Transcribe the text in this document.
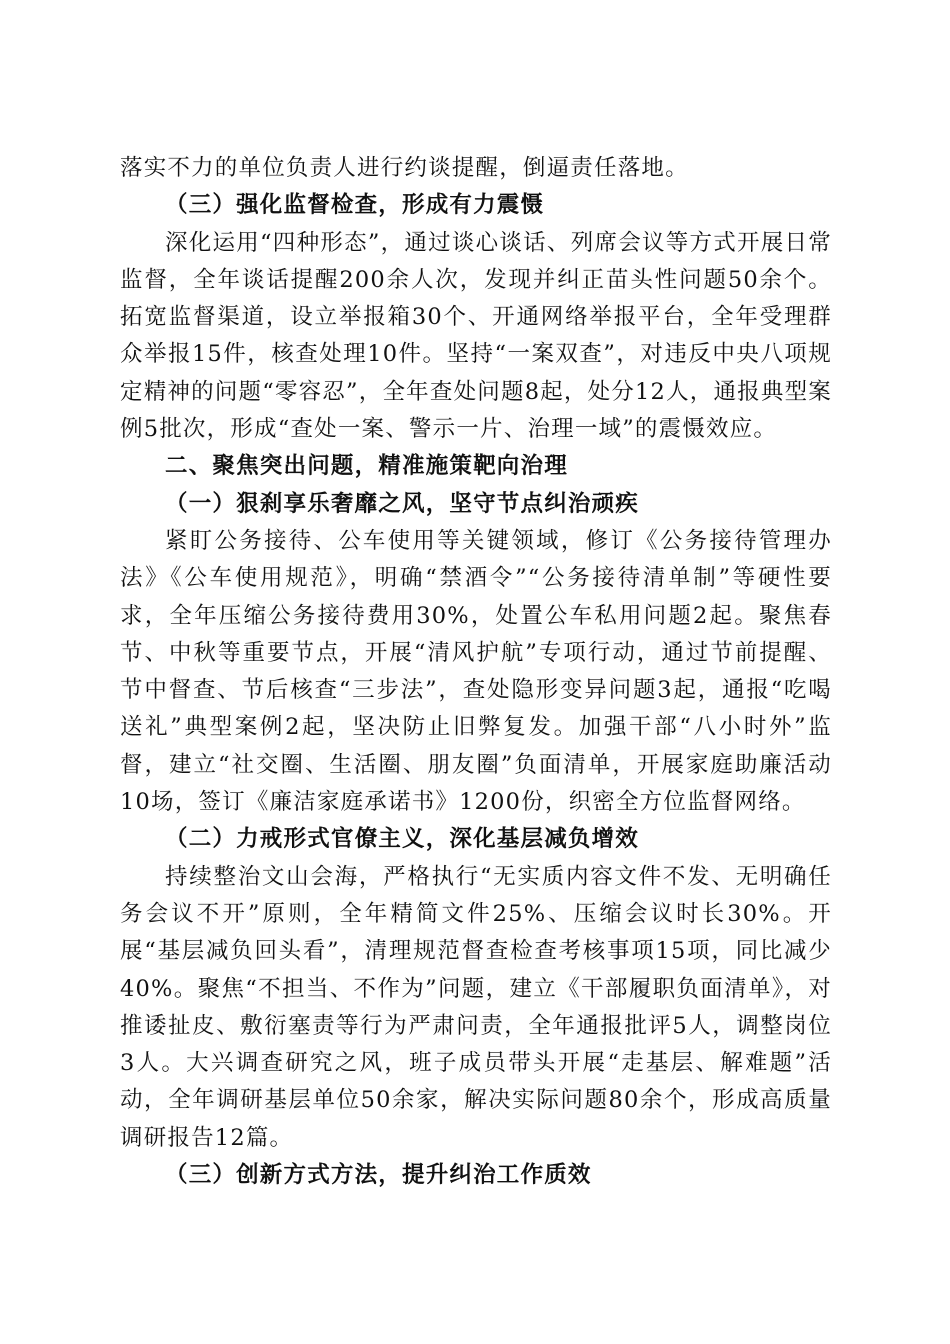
落实不力的单位负责人进行约谈提醒，倒逼责任落地。

（三）强化监督检查，形成有力震慑

深化运用“四种形态”，通过谈心谈话、列席会议等方式开展日常监督，全年谈话提醒200余人次，发现并纠正苗头性问题50余个。拓宽监督渠道，设立举报箱30个、开通网络举报平台，全年受理群众举报15件，核查处理10件。坚持“一案双查”，对违反中央八项规定精神的问题“零容忍”，全年查处问题8起，处分12人，通报典型案例5批次，形成“查处一案、警示一片、治理一域”的震慑效应。

二、聚焦突出问题，精准施策靶向治理

（一）狠刹享乐奢靡之风，坚守节点纠治顽疾

紧盯公务接待、公车使用等关键领域，修订《公务接待管理办法》《公车使用规范》，明确“禁酒令”“公务接待清单制”等硬性要求，全年压缩公务接待费用30%，处置公车私用问题2起。聚焦春节、中秋等重要节点，开展“清风护航”专项行动，通过节前提醒、节中督查、节后核查“三步法”，查处隐形变异问题3起，通报“吃喝送礼”典型案例2起，坚决防止旧弊复发。加强干部“八小时外”监督，建立“社交圈、生活圈、朋友圈”负面清单，开展家庭助廉活动10场，签订《廉洁家庭承诺书》1200份，织密全方位监督网络。

（二）力戒形式官僚主义，深化基层减负增效

持续整治文山会海，严格执行“无实质内容文件不发、无明确任务会议不开”原则，全年精简文件25%、压缩会议时长30%。开展“基层减负回头看”，清理规范督查检查考核事项15项，同比减少40%。聚焦“不担当、不作为”问题，建立《干部履职负面清单》，对推诿扯皮、敷衍塞责等行为严肃问责，全年通报批评5人，调整岗位3人。大兴调查研究之风，班子成员带头开展“走基层、解难题”活动，全年调研基层单位50余家，解决实际问题80余个，形成高质量调研报告12篇。

（三）创新方式方法，提升纠治工作质效
